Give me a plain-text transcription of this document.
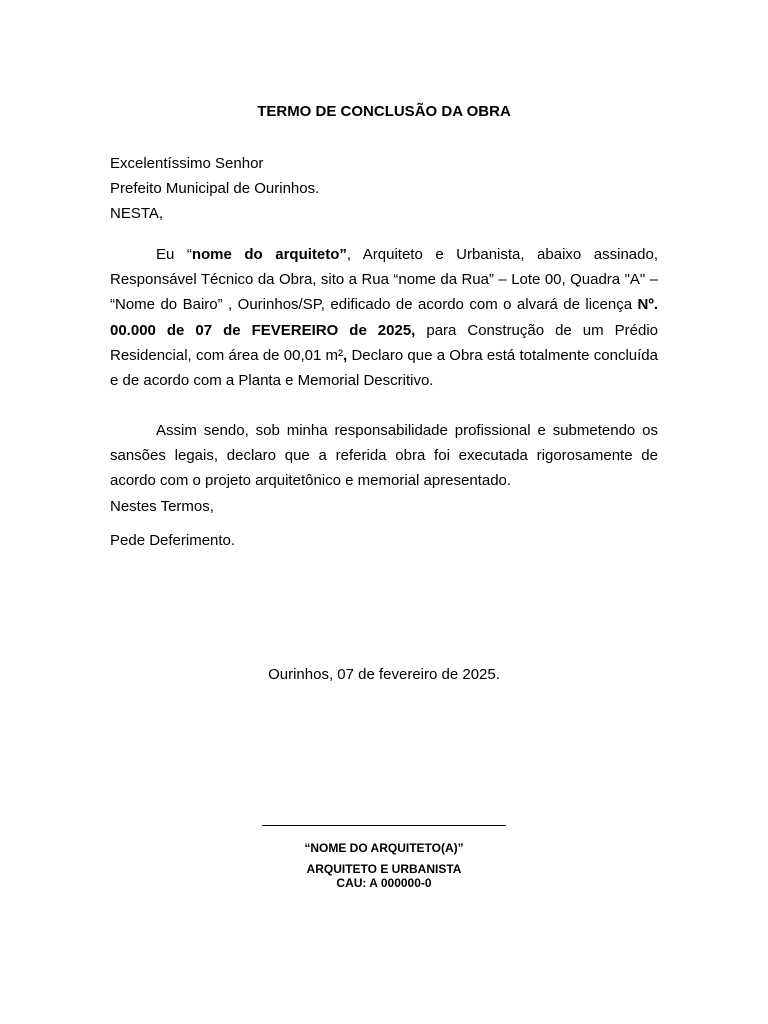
TERMO DE CONCLUSÃO DA OBRA
Excelentíssimo Senhor
Prefeito Municipal de Ourinhos.
NESTA,
Eu “nome do arquiteto”, Arquiteto e Urbanista, abaixo assinado, Responsável Técnico da Obra, sito a Rua “nome da Rua” – Lote 00, Quadra "A" – “Nome do Bairo” , Ourinhos/SP, edificado de acordo com o alvará de licença Nº. 00.000 de 07 de FEVEREIRO de 2025, para Construção de um Prédio Residencial, com área de 00,01 m², Declaro que a Obra está totalmente concluída e de acordo com a Planta e Memorial Descritivo.
Assim sendo, sob minha responsabilidade profissional e submetendo os sansões legais, declaro que a referida obra foi executada rigorosamente de acordo com o projeto arquitetônico e memorial apresentado.
Nestes Termos,
Pede Deferimento.
Ourinhos, 07 de fevereiro de 2025.
“NOME DO ARQUITETO(A)”
ARQUITETO E URBANISTA
CAU: A 000000-0
